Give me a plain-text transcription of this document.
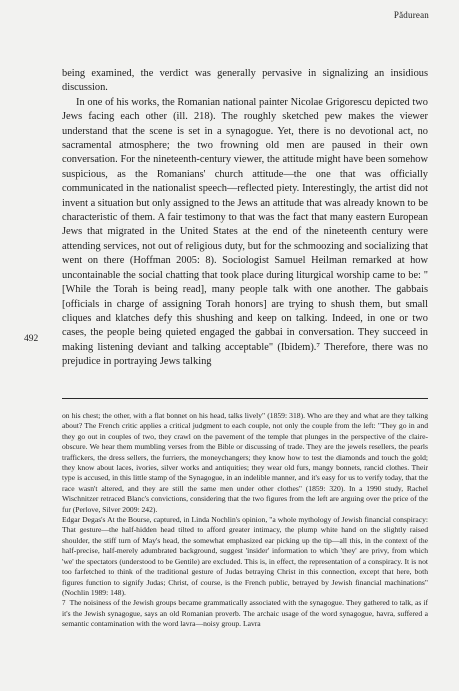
Pădurean
492

being examined, the verdict was generally pervasive in signalizing an insidious discussion.

In one of his works, the Romanian national painter Nicolae Grigorescu depicted two Jews facing each other (ill. 218). The roughly sketched pew makes the viewer understand that the scene is set in a synagogue. Yet, there is no devotional act, no sacramental atmosphere; the two frowning old men are paused in their own conversation. For the nineteenth-century viewer, the attitude might have been somehow suspicious, as the Romanians' church attitude—the one that was officially communicated in the nationalist speech—reflected piety. Interestingly, the artist did not invent a situation but only assigned to the Jews an attitude that was already known to be characteristic of them. A fair testimony to that was the fact that many eastern European Jews that migrated in the United States at the end of the nineteenth century were attending services, not out of religious duty, but for the schmoozing and socializing that went on there (Hoffman 2005: 8). Sociologist Samuel Heilman remarked at how uncontainable the social chatting that took place during liturgical worship came to be: "[While the Torah is being read], many people talk with one another. The gabbais [officials in charge of assigning Torah honors] are trying to shush them, but small cliques and klatches defy this shushing and keep on talking. Indeed, in one or two cases, the people being quieted engaged the gabbai in conversation. They succeed in making listening deviant and talking acceptable" (Ibidem).⁷ Therefore, there was no prejudice in portraying Jews talking

on his chest; the other, with a flat bonnet on his head, talks lively" (1859: 318). Who are they and what are they talking about? The French critic applies a critical judgment to each couple, not only the couple from the left: "They go in and they go out in couples of two, they crawl on the pavement of the temple that plunges in the perspective of the claire-obscure. We hear them mumbling verses from the Bible or discussing of trade. They are the jewels resellers, the pearls traffickers, the dress sellers, the furriers, the moneychangers; they know how to test the diamonds and touch the gold; they know about laces, ivories, silver works and antiquities; they wear old furs, mangy bonnets, rancid clothes. Their type is accused, in this little stamp of the Synagogue, in an indelible manner, and it's easy for us to verify today, that the race wasn't altered, and they are still the same men under other clothes" (1859: 320). In a 1990 study, Rachel Wischnitzer retraced Blanc's convictions, considering that the two figures from the left are arguing over the price of the fur (Perlove, Silver 2009: 242).

Edgar Degas's At the Bourse, captured, in Linda Nochlin's opinion, "a whole mythology of Jewish financial conspiracy: That gesture—the half-hidden head tilted to afford greater intimacy, the plump white hand on the slightly raised shoulder, the stiff turn of May's head, the somewhat emphasized ear picking up the tip—all this, in the context of the half-precise, half-merely adumbrated background, suggest 'insider' information to which 'they' are privy, from which 'we' the spectators (understood to be Gentile) are excluded. This is, in effect, the representation of a conspiracy. It is not too farfetched to think of the traditional gesture of Judas betraying Christ in this connection, except that here, both figures function to signify Judas; Christ, of course, is the French public, betrayed by Jewish financial machinations" (Nochlin 1989: 148).

7 The noisiness of the Jewish groups became grammatically associated with the synagogue. They gathered to talk, as if it's the Jewish synagogue, says an old Romanian proverb. The archaic usage of the word synagogue, havra, suffered a semantic contamination with the word lavra—noisy group. Lavra
